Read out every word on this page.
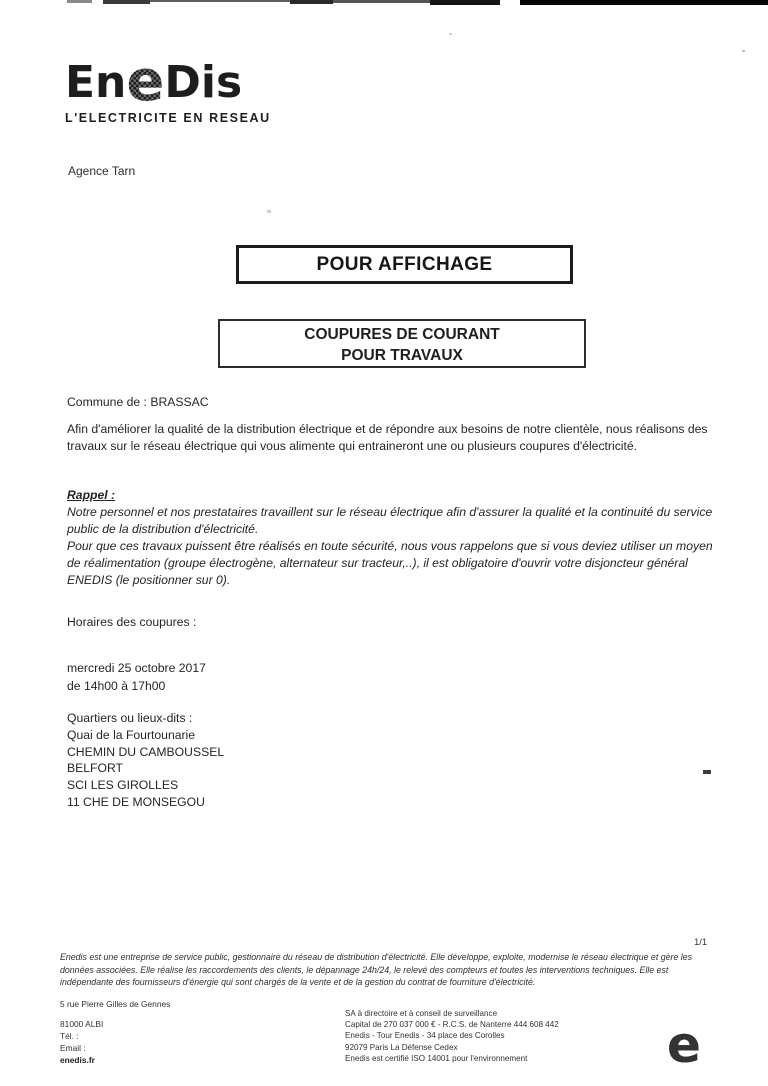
EneDis
L'ELECTRICITE EN RESEAU
Agence Tarn
POUR AFFICHAGE
COUPURES DE COURANT
POUR TRAVAUX
Commune de : BRASSAC
Afin d'améliorer la qualité de la distribution électrique et de répondre aux besoins de notre clientèle, nous réalisons des travaux sur le réseau électrique qui vous alimente qui entraineront une ou plusieurs coupures d'électricité.
Rappel :
Notre personnel et nos prestataires travaillent sur le réseau électrique afin d'assurer la qualité et la continuité du service public de la distribution d'électricité.
Pour que ces travaux puissent être réalisés en toute sécurité, nous vous rappelons que si vous deviez utiliser un moyen de réalimentation (groupe électrogène, alternateur sur tracteur,..), il est obligatoire d'ouvrir votre disjoncteur général ENEDIS (le positionner sur 0).
Horaires des coupures :
mercredi 25 octobre 2017
de 14h00 à 17h00
Quartiers ou lieux-dits :
Quai de la Fourtounarie
CHEMIN DU CAMBOUSSEL
BELFORT
SCI LES GIROLLES
11 CHE DE MONSEGOU
1/1
Enedis est une entreprise de service public, gestionnaire du réseau de distribution d'électricité. Elle développe, exploite, modernise le réseau électrique et gère les données associées. Elle réalise les raccordements des clients, le dépannage 24h/24, le relevé des compteurs et toutes les interventions techniques. Elle est indépendante des fournisseurs d'énergie qui sont chargés de la vente et de la gestion du contrat de fourniture d'électricité.
5 rue Pierre Gilles de Gennes
81000 ALBI
Tél. :
Email :
enedis.fr
SA à directoire et à conseil de surveillance
Capital de 270 037 000 € - R.C.S. de Nanterre 444 608 442
Enedis - Tour Enedis - 34 place des Corolles
92079 Paris La Défense Cedex
Enedis est certifié ISO 14001 pour l'environnement	e
